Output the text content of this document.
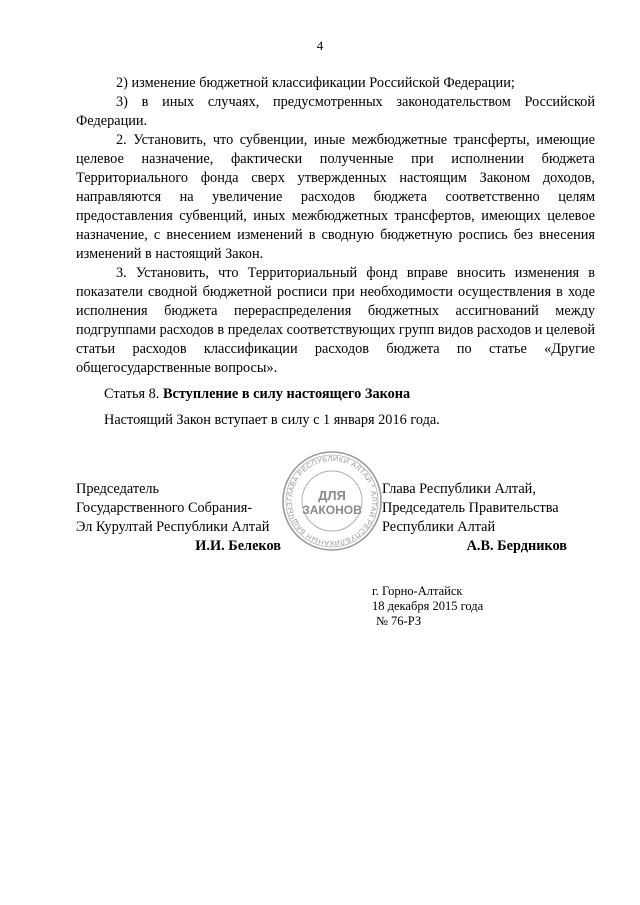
4

2) изменение бюджетной классификации Российской Федерации;

3) в иных случаях, предусмотренных законодательством Российской Федерации.

2. Установить, что субвенции, иные межбюджетные трансферты, имеющие целевое назначение, фактически полученные при исполнении бюджета Территориального фонда сверх утвержденных настоящим Законом доходов, направляются на увеличение расходов бюджета соответственно целям предоставления субвенций, иных межбюджетных трансфертов, имеющих целевое назначение, с внесением изменений в сводную бюджетную роспись без внесения изменений в настоящий Закон.

3. Установить, что Территориальный фонд вправе вносить изменения в показатели сводной бюджетной росписи при необходимости осуществления в ходе исполнения бюджета перераспределения бюджетных ассигнований между подгруппами расходов в пределах соответствующих групп видов расходов и целевой статьи расходов классификации расходов бюджета по статье «Другие общегосударственные вопросы».

Статья 8. Вступление в силу настоящего Закона

Настоящий Закон вступает в силу с 1 января 2016 года.

Председатель
Государственного Собрания-
Эл Курултай Республики Алтай
И.И. Белеков
Глава Республики Алтай,
Председатель Правительства
Республики Алтай
А.В. Бердников
ГЛАВА РЕСПУБЛИКИ АЛТАЙ * АЛТАЙ РЕСПУБЛИКАНЫН БАШЧЫЗ
ДЛЯ
ЗАКОНОВ
г. Горно-Алтайск
18 декабря 2015 года
№ 76-РЗ
